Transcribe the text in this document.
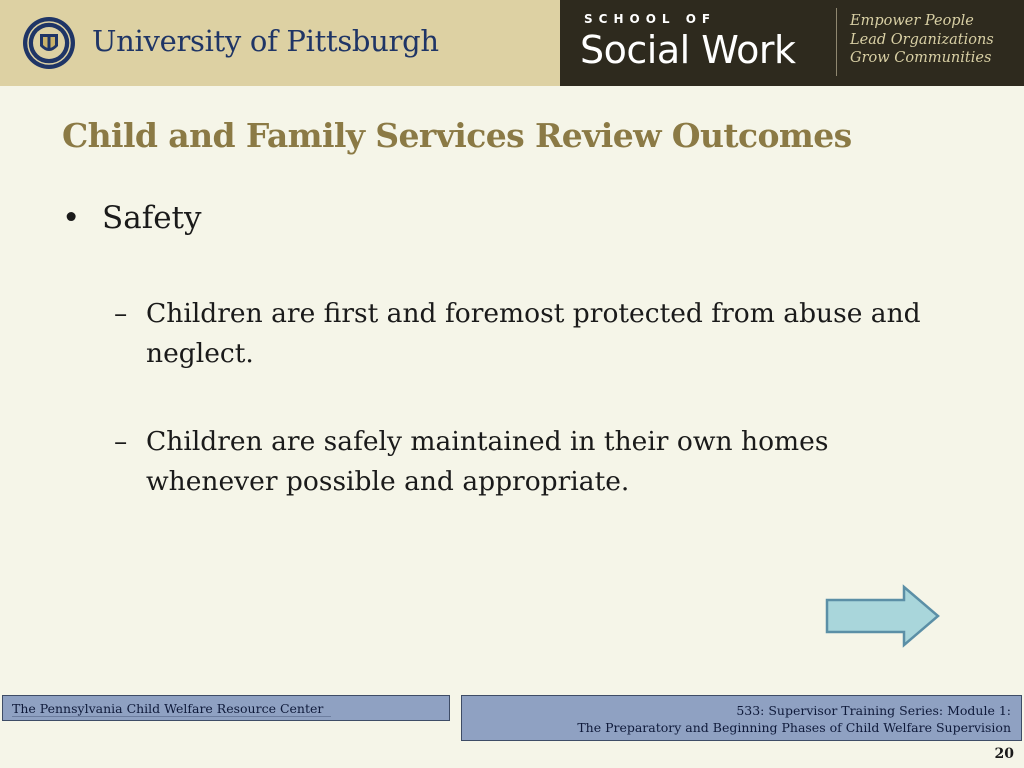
University of Pittsburgh
SCHOOL OF
Social Work
Empower People
Lead Organizations
Grow Communities
Child and Family Services Review Outcomes
• Safety
– Children are first and foremost protected from abuse and neglect.
– Children are safely maintained in their own homes whenever possible and appropriate.
The Pennsylvania Child Welfare Resource Center	533: Supervisor Training Series: Module 1:
The Preparatory and Beginning Phases of Child Welfare Supervision
20
